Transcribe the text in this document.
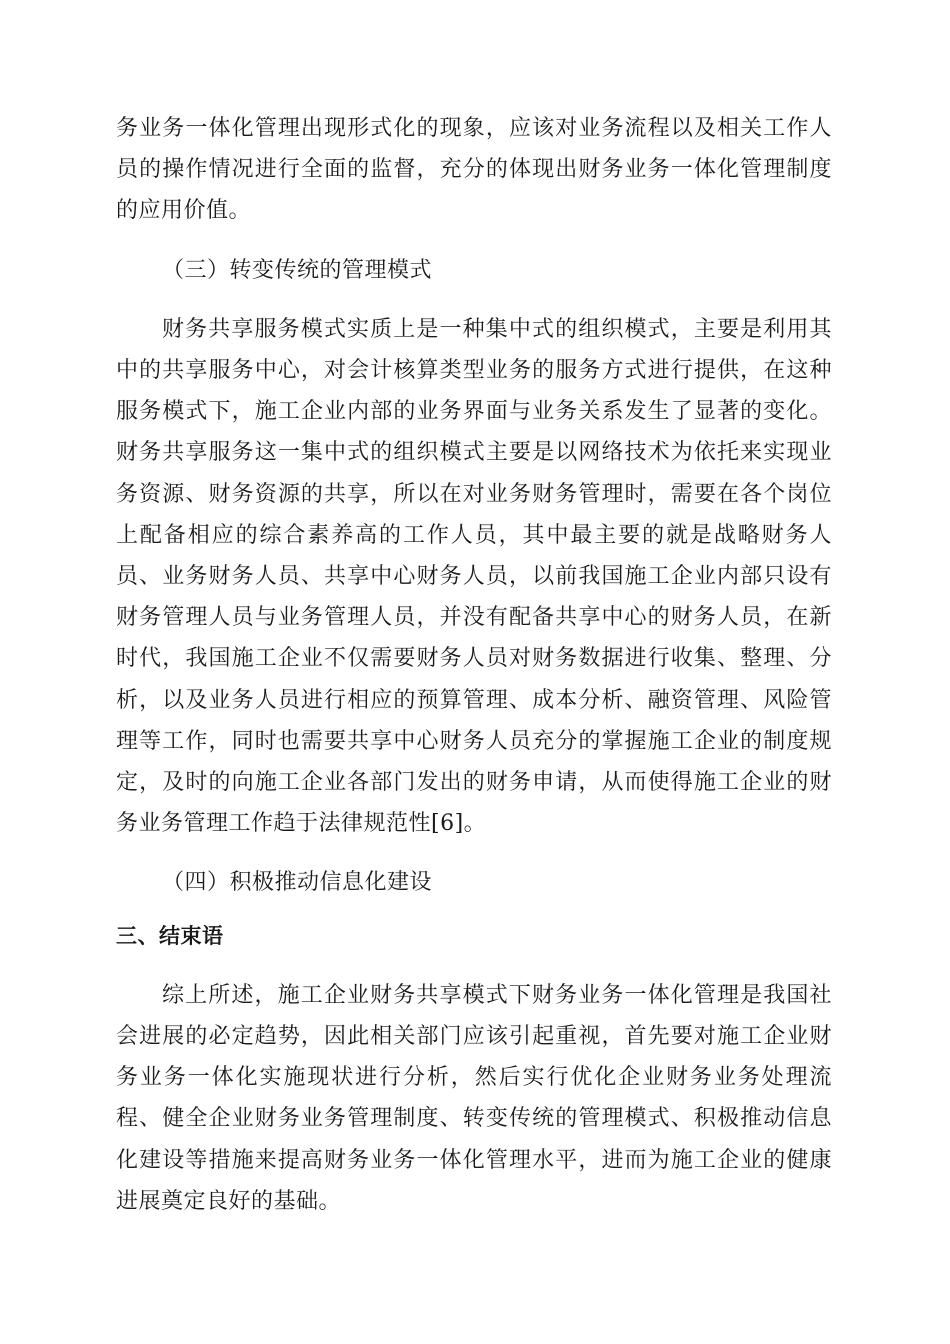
务业务一体化管理出现形式化的现象，应该对业务流程以及相关工作人员的操作情况进行全面的监督，充分的体现出财务业务一体化管理制度的应用价值。

（三）转变传统的管理模式

财务共享服务模式实质上是一种集中式的组织模式，主要是利用其中的共享服务中心，对会计核算类型业务的服务方式进行提供，在这种服务模式下，施工企业内部的业务界面与业务关系发生了显著的变化。财务共享服务这一集中式的组织模式主要是以网络技术为依托来实现业务资源、财务资源的共享，所以在对业务财务管理时，需要在各个岗位上配备相应的综合素养高的工作人员，其中最主要的就是战略财务人员、业务财务人员、共享中心财务人员，以前我国施工企业内部只设有财务管理人员与业务管理人员，并没有配备共享中心的财务人员，在新时代，我国施工企业不仅需要财务人员对财务数据进行收集、整理、分析，以及业务人员进行相应的预算管理、成本分析、融资管理、风险管理等工作，同时也需要共享中心财务人员充分的掌握施工企业的制度规定，及时的向施工企业各部门发出的财务申请，从而使得施工企业的财务业务管理工作趋于法律规范性[6]。

（四）积极推动信息化建设

三、结束语

综上所述，施工企业财务共享模式下财务业务一体化管理是我国社会进展的必定趋势，因此相关部门应该引起重视，首先要对施工企业财务业务一体化实施现状进行分析，然后实行优化企业财务业务处理流程、健全企业财务业务管理制度、转变传统的管理模式、积极推动信息化建设等措施来提高财务业务一体化管理水平，进而为施工企业的健康进展奠定良好的基础。
